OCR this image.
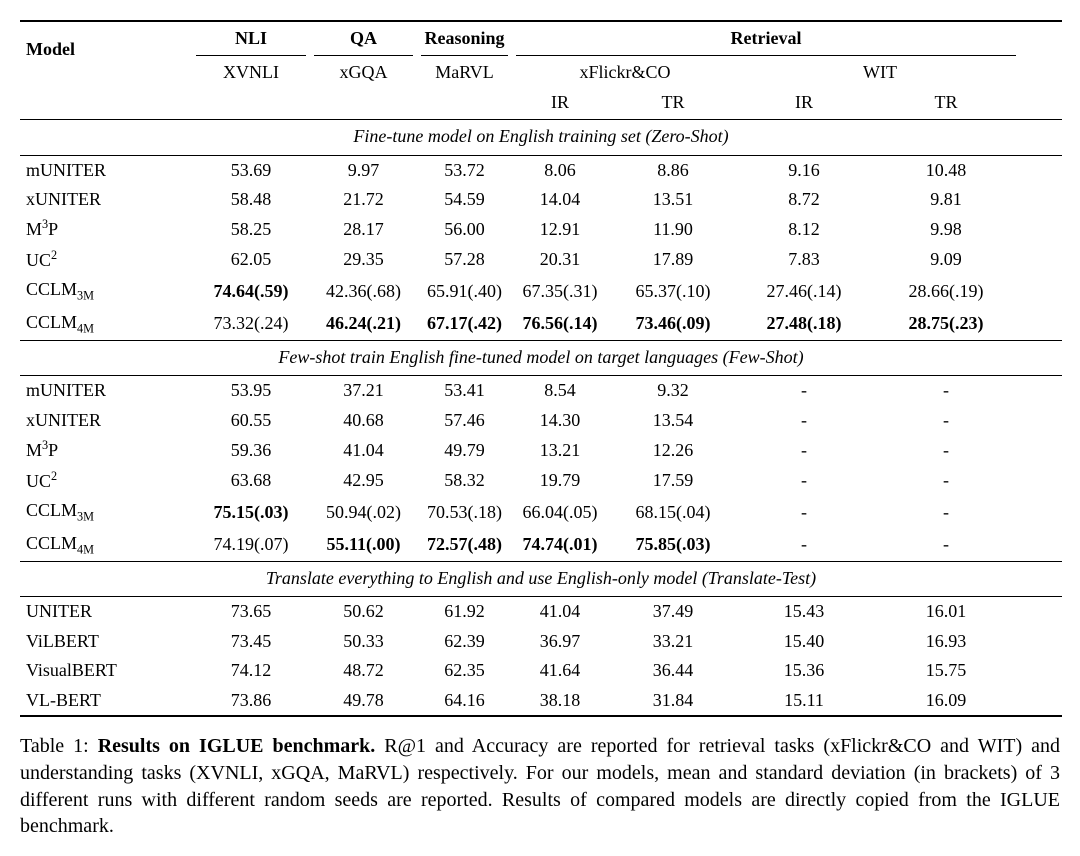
Model	NLI	QA	Reasoning	Retrieval			

	XVNLI	xGQA	MaRVL	xFlickr&CO		WIT	
				IR	TR	IR	TR
Fine-tune model on English training set (Zero-Shot)							
mUNITER	53.69	9.97	53.72	8.06	8.86	9.16	10.48
xUNITER	58.48	21.72	54.59	14.04	13.51	8.72	9.81
$M^3P$	58.25	28.17	56.00	12.91	11.90	8.12	9.98
$UC^2$	62.05	29.35	57.28	20.31	17.89	7.83	9.09
$CCLM_{3M}$	74.64(.59)	42.36(.68)	65.91(.40)	67.35(.31)	65.37(.10)	27.46(.14)	28.66(.19)
$CCLM_{4M}$	73.32(.24)	46.24(.21)	67.17(.42)	76.56(.14)	73.46(.09)	27.48(.18)	28.75(.23)
Few-shot train English fine-tuned model on target languages (Few-Shot)							
mUNITER	53.95	37.21	53.41	8.54	9.32	-	-
xUNITER	60.55	40.68	57.46	14.30	13.54	-	-
$M^3P$	59.36	41.04	49.79	13.21	12.26	-	-
$UC^2$	63.68	42.95	58.32	19.79	17.59	-	-
$CCLM_{3M}$	75.15(.03)	50.94(.02)	70.53(.18)	66.04(.05)	68.15(.04)	-	-
$CCLM_{4M}$	74.19(.07)	55.11(.00)	72.57(.48)	74.74(.01)	75.85(.03)	-	-
Translate everything to English and use English-only model (Translate-Test)							
UNITER	73.65	50.62	61.92	41.04	37.49	15.43	16.01
ViLBERT	73.45	50.33	62.39	36.97	33.21	15.40	16.93
VisualBERT	74.12	48.72	62.35	41.64	36.44	15.36	15.75
VL-BERT	73.86	49.78	64.16	38.18	31.84	15.11	16.09

Table 1: Results on IGLUE benchmark. R@1 and Accuracy are reported for retrieval tasks (xFlickr&CO and WIT) and understanding tasks (XVNLI, xGQA, MaRVL) respectively. For our models, mean and standard deviation (in brackets) of 3 different runs with different random seeds are reported. Results of compared models are directly copied from the IGLUE benchmark.
